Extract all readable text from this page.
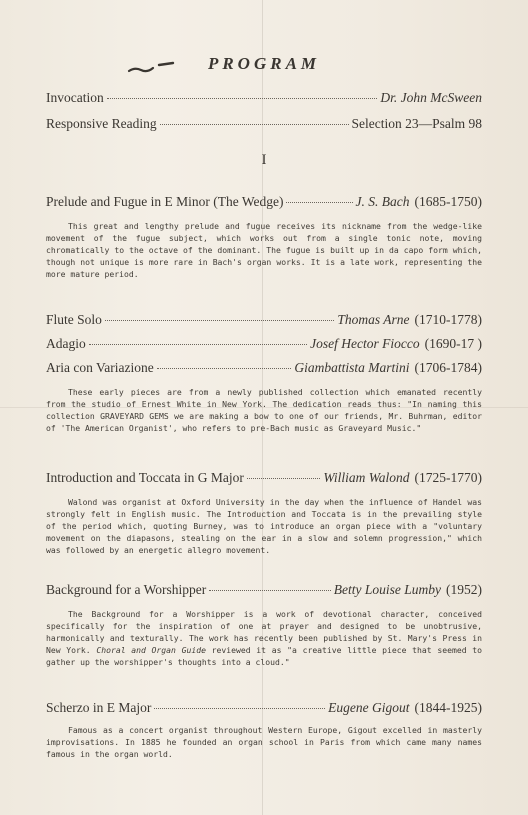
PROGRAM
Invocation	Dr. John McSween
Responsive Reading	Selection 23—Psalm 98
I
Prelude and Fugue in E Minor (The Wedge)	J. S. Bach (1685-1750)
This great and lengthy prelude and fugue receives its nickname from the wedge-like movement of the fugue subject, which works out from a single tonic note, moving chromatically to the octave of the dominant. The fugue is built up in da capo form which, though not unique is more rare in Bach's organ works. It is a late work, representing the more mature period.
Flute Solo	Thomas Arne (1710-1778)
Adagio	Josef Hector Fiocco (1690-17 )
Aria con Variazione	Giambattista Martini (1706-1784)
These early pieces are from a newly published collection which emanated recently from the studio of Ernest White in New York. The dedication reads thus: "In naming this collection GRAVEYARD GEMS we are making a bow to one of our friends, Mr. Buhrman, editor of 'The American Organist', who refers to pre-Bach music as Graveyard Music."
Introduction and Toccata in G Major	William Walond (1725-1770)
Walond was organist at Oxford University in the day when the influence of Handel was strongly felt in English music. The Introduction and Toccata is in the prevailing style of the period which, quoting Burney, was to introduce an organ piece with a "voluntary movement on the diapasons, stealing on the ear in a slow and solemn progression," which was followed by an energetic allegro movement.
Background for a Worshipper	Betty Louise Lumby (1952)
The Background for a Worshipper is a work of devotional character, conceived specifically for the inspiration of one at prayer and designed to be unobtrusive, harmonically and texturally. The work has recently been published by St. Mary's Press in New York. Choral and Organ Guide reviewed it as "a creative little piece that seemed to gather up the worshipper's thoughts into a cloud."
Scherzo in E Major	Eugene Gigout (1844-1925)
Famous as a concert organist throughout Western Europe, Gigout excelled in masterly improvisations. In 1885 he founded an organ school in Paris from which came many names famous in the organ world.
